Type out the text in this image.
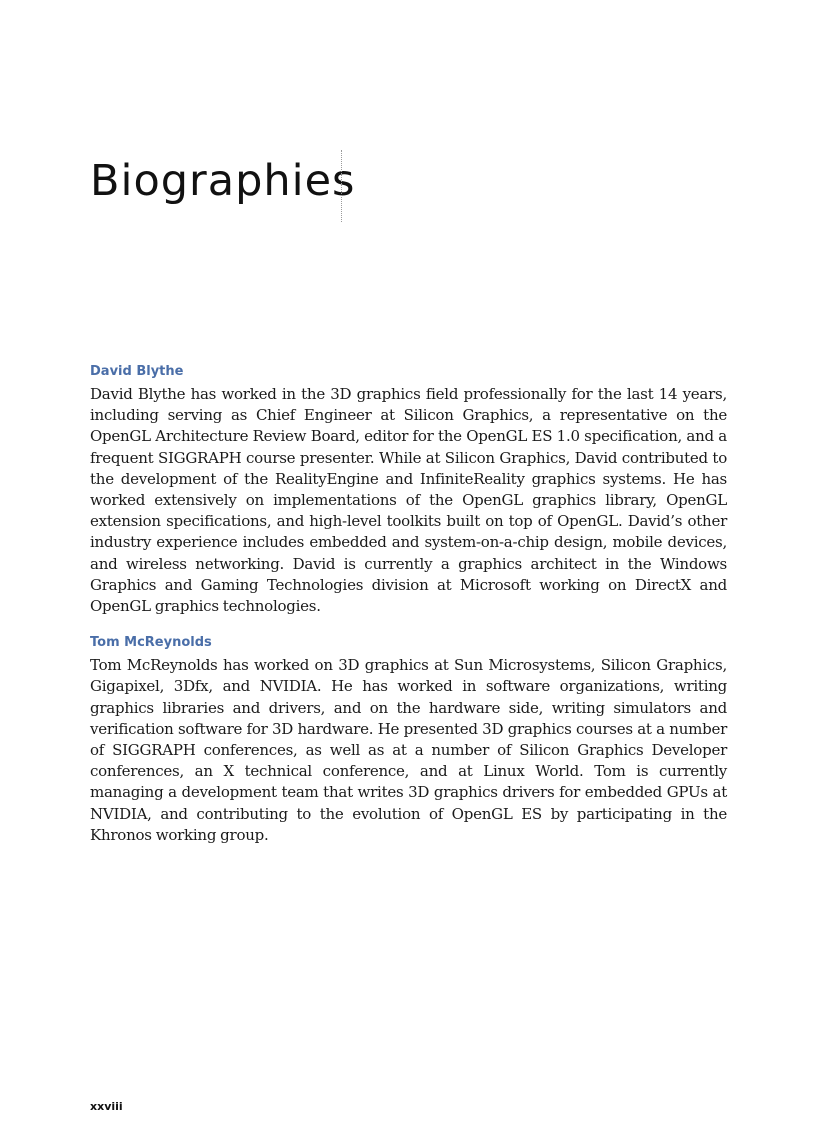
Biographies
David Blythe

David Blythe has worked in the 3D graphics field professionally for the last 14 years, including serving as Chief Engineer at Silicon Graphics, a representative on the OpenGL Architecture Review Board, editor for the OpenGL ES 1.0 specification, and a frequent SIGGRAPH course presenter. While at Silicon Graphics, David contributed to the development of the RealityEngine and InfiniteReality graphics systems. He has worked extensively on implementations of the OpenGL graphics library, OpenGL extension specifications, and high-level toolkits built on top of OpenGL. David’s other industry experience includes embedded and system-on-a-chip design, mobile devices, and wireless networking. David is currently a graphics architect in the Windows Graphics and Gaming Technologies division at Microsoft working on DirectX and OpenGL graphics technologies.

Tom McReynolds

Tom McReynolds has worked on 3D graphics at Sun Microsystems, Silicon Graphics, Gigapixel, 3Dfx, and NVIDIA. He has worked in software organizations, writing graphics libraries and drivers, and on the hardware side, writing simulators and verification software for 3D hardware. He presented 3D graphics courses at a number of SIGGRAPH conferences, as well as at a number of Silicon Graphics Developer conferences, an X technical conference, and at Linux World. Tom is currently managing a development team that writes 3D graphics drivers for embedded GPUs at NVIDIA, and contributing to the evolution of OpenGL ES by participating in the Khronos working group.

xxviii
